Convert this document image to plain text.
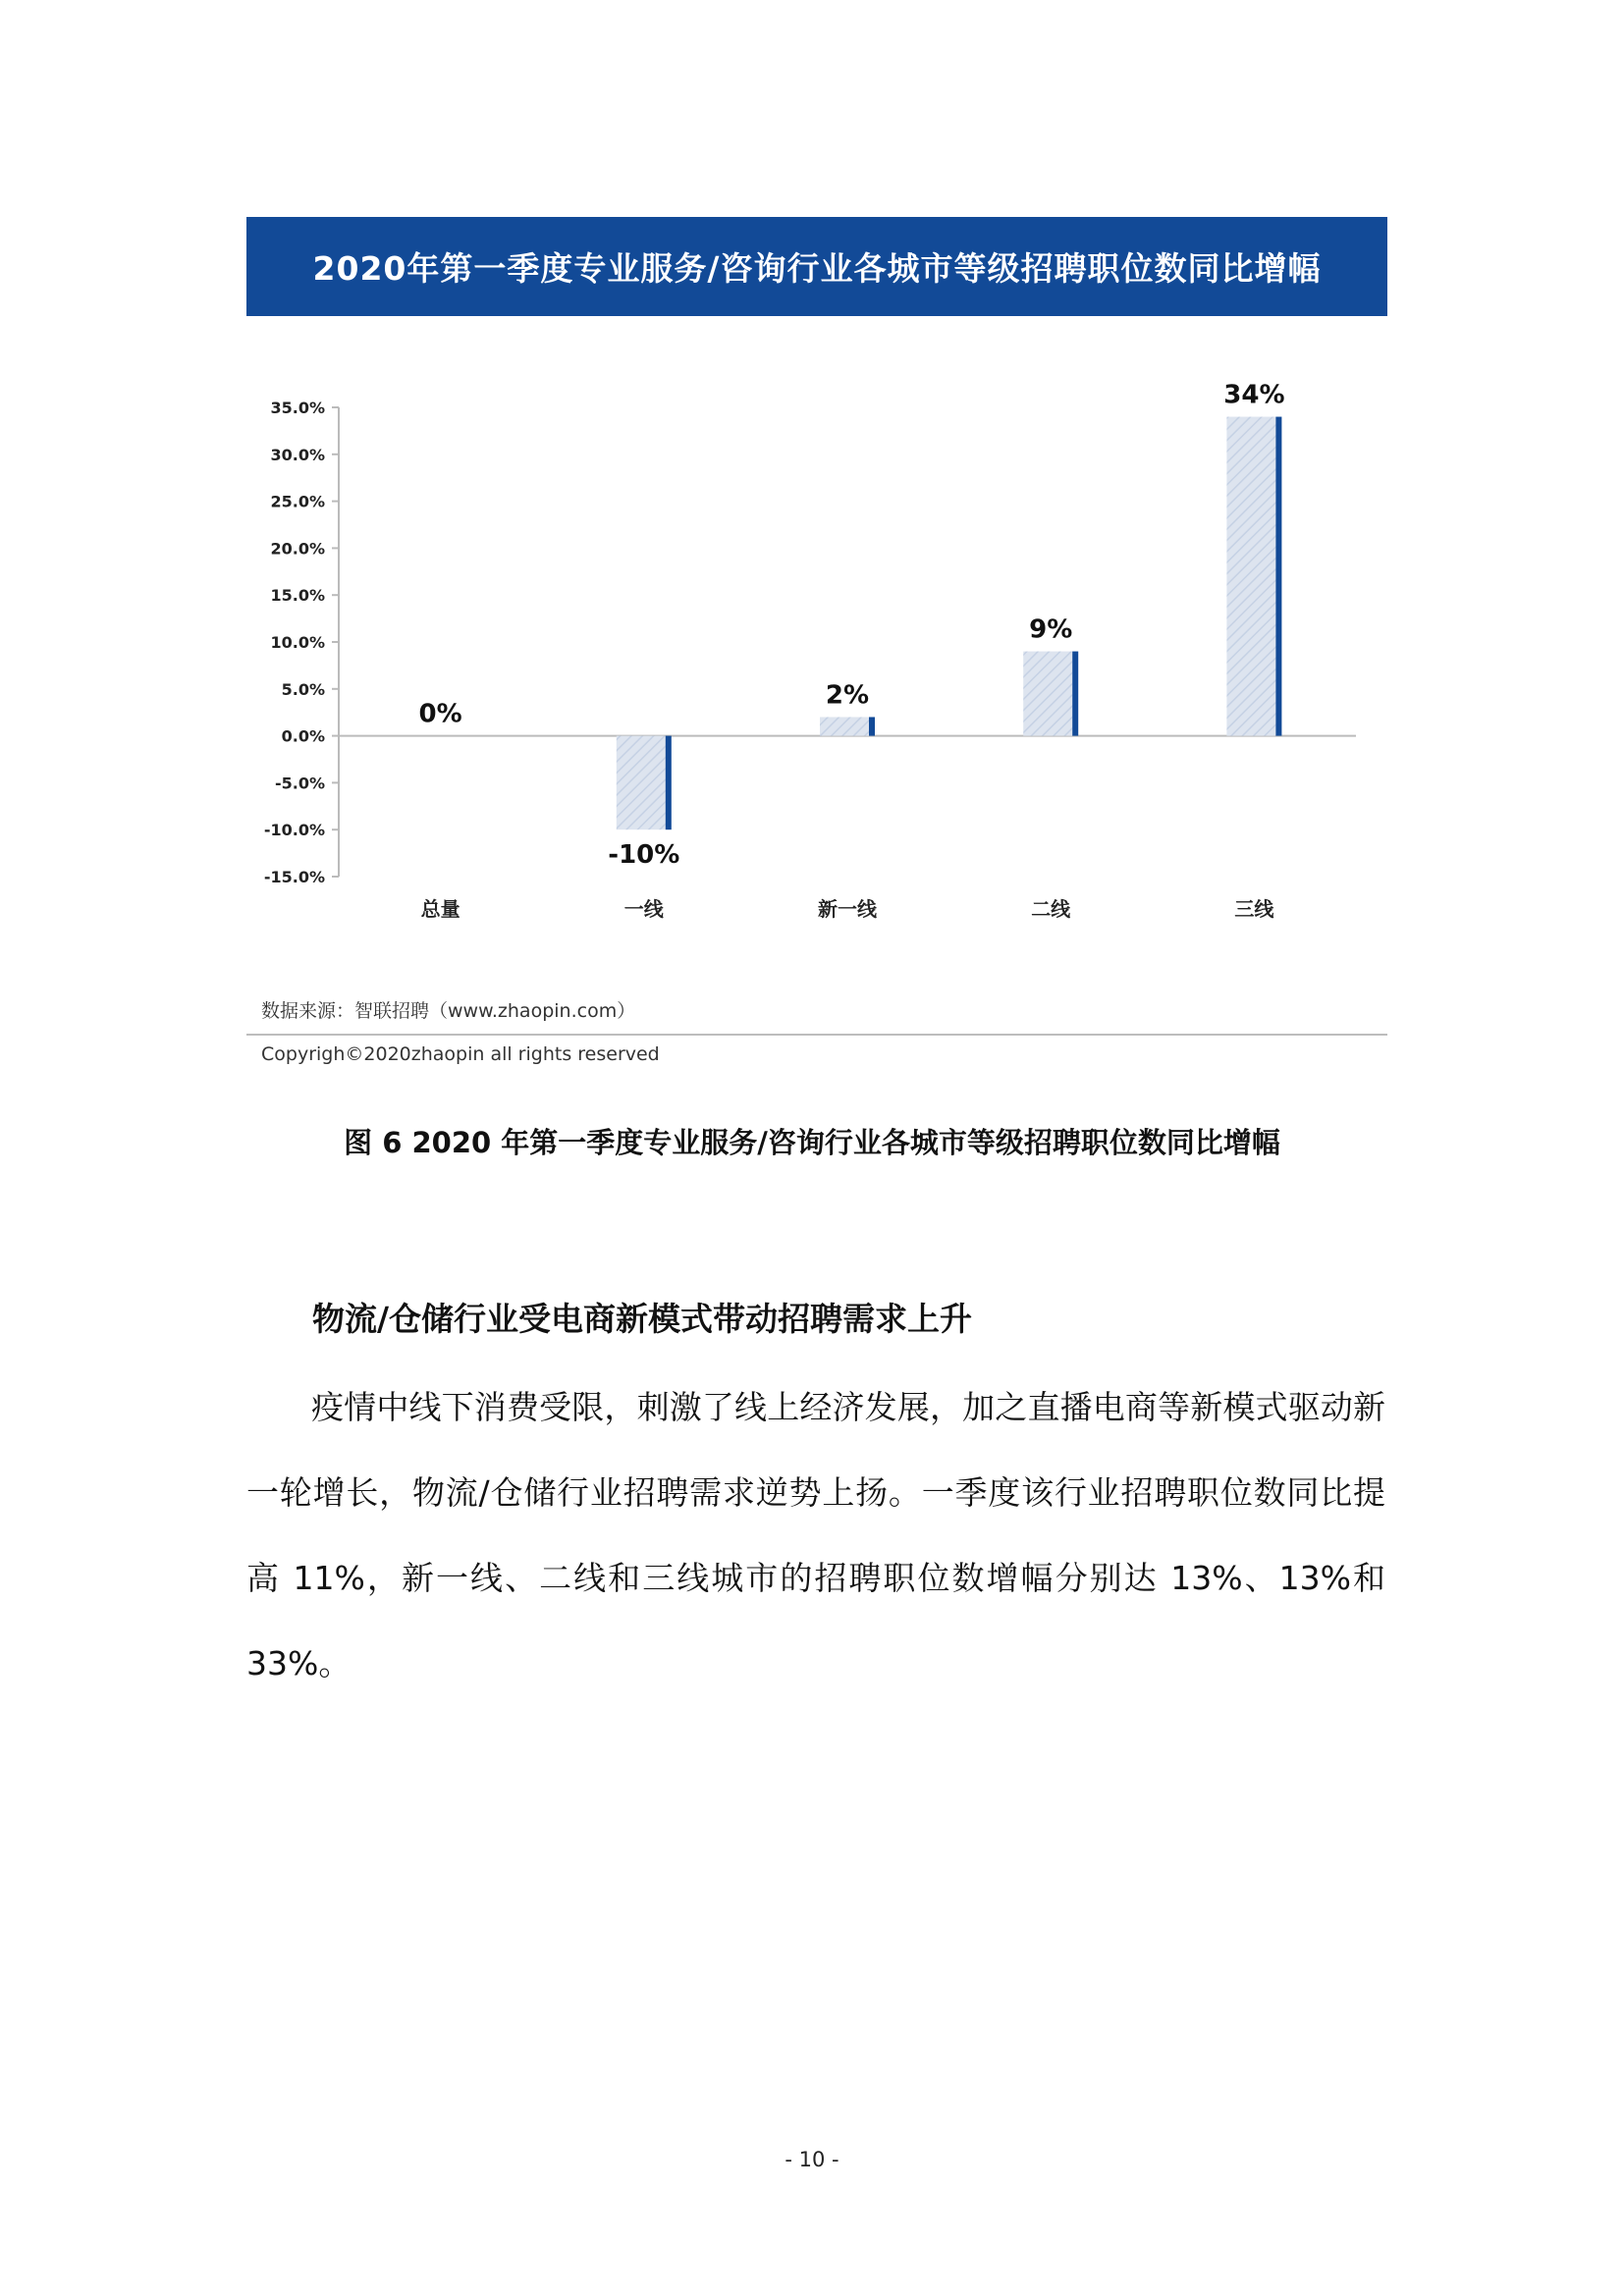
2020年第一季度专业服务/咨询行业各城市等级招聘职位数同比增幅
35.0%
30.0%
25.0%
20.0%
15.0%
10.0%
5.0%
0.0%
-5.0%
-10.0%
-15.0%
0%
-10%
2%
9%
34%
总量	一线	新一线	二线	三线
数据来源：智联招聘（www.zhaopin.com）
Copyrigh©2020zhaopin all rights reserved
图 6 2020 年第一季度专业服务/咨询行业各城市等级招聘职位数同比增幅
物流/仓储行业受电商新模式带动招聘需求上升

疫情中线下消费受限，刺激了线上经济发展，加之直播电商等新模式驱动新一轮增长，物流/仓储行业招聘需求逆势上扬。一季度该行业招聘职位数同比提高 11%，新一线、二线和三线城市的招聘职位数增幅分别达 13%、13%和 33%。

- 10 -
